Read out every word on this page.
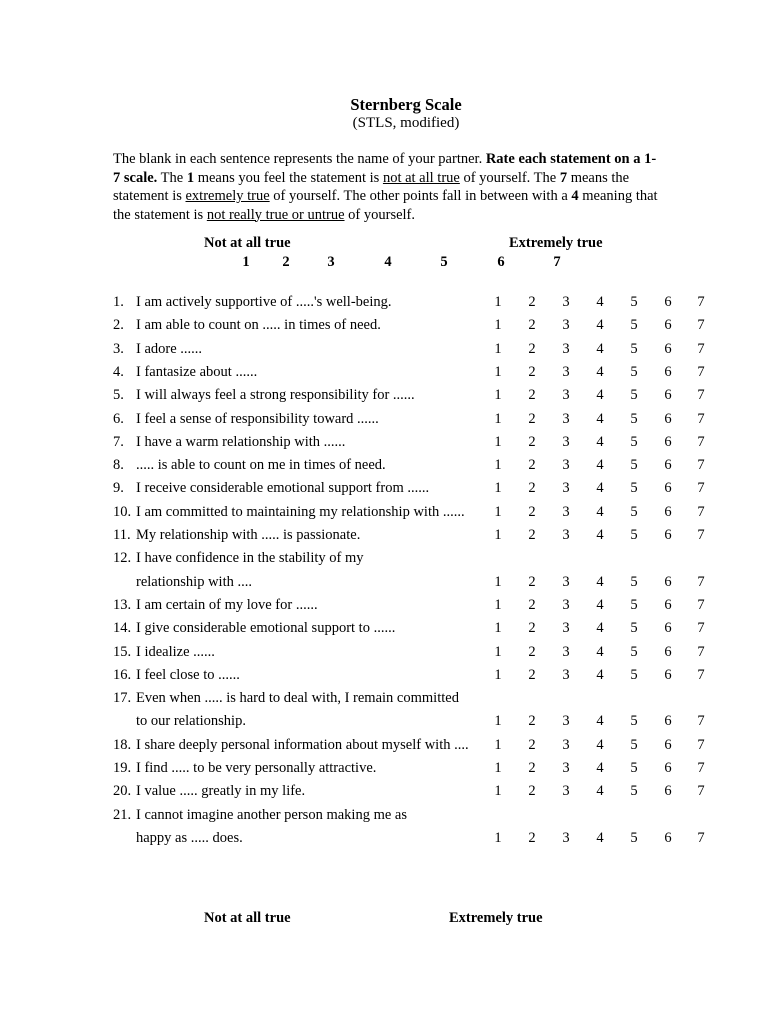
Sternberg Scale
(STLS, modified)
The blank in each sentence represents the name of your partner. Rate each statement on a 1-7 scale. The 1 means you feel the statement is not at all true of yourself. The 7 means the statement is extremely true of yourself. The other points fall in between with a 4 meaning that the statement is not really true or untrue of yourself.
Not at all true	Extremely true
1	2	3	4	5	6	7
1. I am actively supportive of .....'s well-being.	1	2	3	4	5	6	7
2. I am able to count on ..... in times of need.	1	2	3	4	5	6	7
3. I adore ......	1	2	3	4	5	6	7
4. I fantasize about ......	1	2	3	4	5	6	7
5. I will always feel a strong responsibility for ......	1	2	3	4	5	6	7
6. I feel a sense of responsibility toward ......	1	2	3	4	5	6	7
7. I have a warm relationship with ......	1	2	3	4	5	6	7
8. ..... is able to count on me in times of need.	1	2	3	4	5	6	7
9. I receive considerable emotional support from ......	1	2	3	4	5	6	7
10. I am committed to maintaining my relationship with ......	1	2	3	4	5	6	7
11. My relationship with ..... is passionate.	1	2	3	4	5	6	7
12. I have confidence in the stability of my
relationship with ....	1	2	3	4	5	6	7
13. I am certain of my love for ......	1	2	3	4	5	6	7
14. I give considerable emotional support to ......	1	2	3	4	5	6	7
15. I idealize ......	1	2	3	4	5	6	7
16. I feel close to ......	1	2	3	4	5	6	7
17. Even when ..... is hard to deal with, I remain committed
to our relationship.	1	2	3	4	5	6	7
18. I share deeply personal information about myself with ....	1	2	3	4	5	6	7
19. I find ..... to be very personally attractive.	1	2	3	4	5	6	7
20. I value ..... greatly in my life.	1	2	3	4	5	6	7
21. I cannot imagine another person making me as
happy as ..... does.	1	2	3	4	5	6	7
Not at all true	Extremely true
